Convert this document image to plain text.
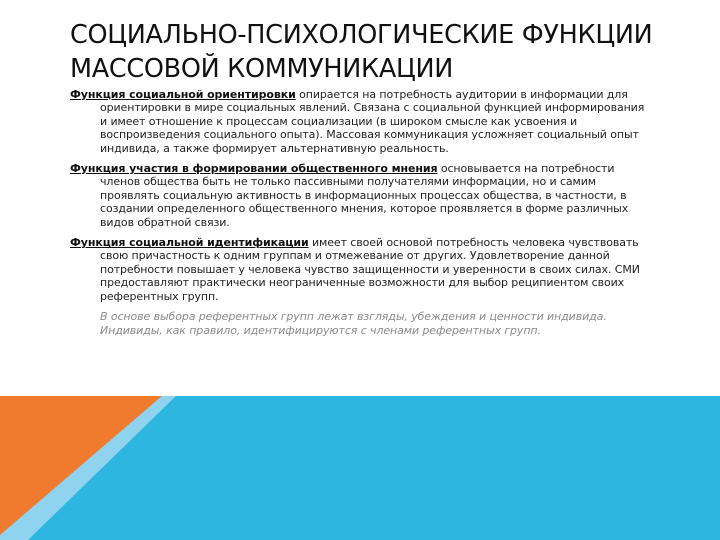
СОЦИАЛЬНО-ПСИХОЛОГИЧЕСКИЕ ФУНКЦИИ
МАССОВОЙ КОММУНИКАЦИИ

Функция социальной ориентировки опирается на потребность аудитории в информации для ориентировки в мире социальных явлений. Связана с социальной функцией информирования и имеет отношение к процессам социализации (в широком смысле как усвоения и воспроизведения социального опыта). Массовая коммуникация усложняет социальный опыт индивида, а также формирует альтернативную реальность.

Функция участия в формировании общественного мнения основывается на потребности членов общества быть не только пассивными получателями информации, но и самим проявлять социальную активность в информационных процессах общества, в частности, в создании определенного общественного мнения, которое проявляется в форме различных видов обратной связи.

Функция социальной идентификации имеет своей основой потребность человека чувствовать свою причастность к одним группам и отмежевание от других. Удовлетворение данной потребности повышает у человека чувство защищенности и уверенности в своих силах. СМИ предоставляют практически неограниченные возможности для выбор реципиентом своих референтных групп.

В основе выбора референтных групп лежат взгляды, убеждения и ценности индивида. Индивиды, как правило, идентифицируются с членами референтных групп.
